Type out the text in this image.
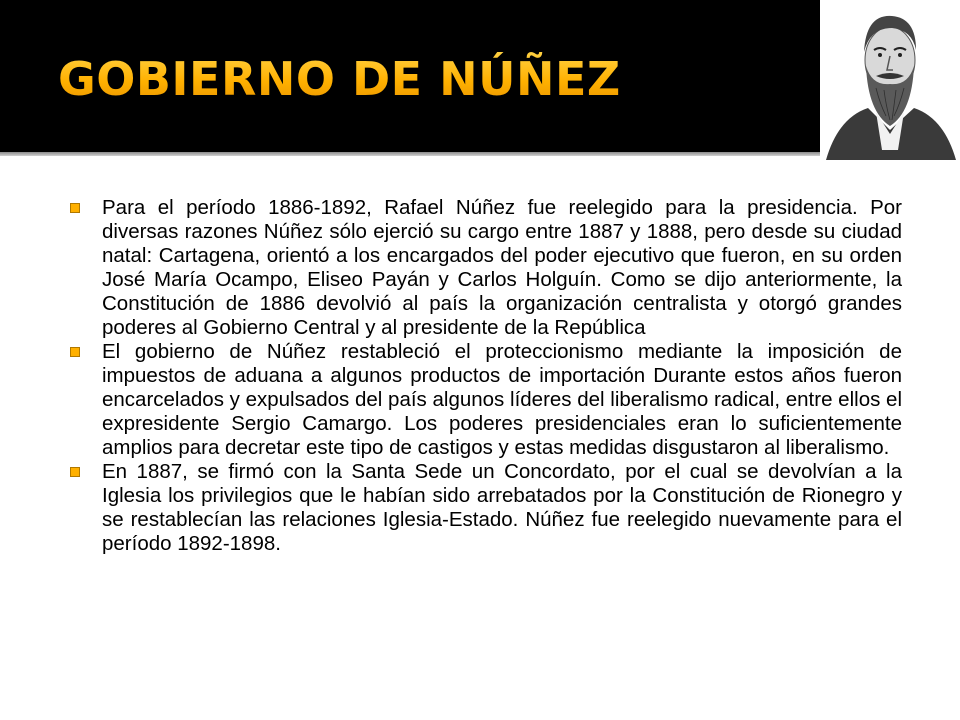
GOBIERNO DE NÚÑEZ
Para el período 1886-1892, Rafael Núñez fue reelegido para la presidencia. Por diversas razones Núñez sólo ejerció su cargo entre 1887 y 1888, pero desde su ciudad natal: Cartagena, orientó a los encargados del poder ejecutivo que fueron, en su orden José María Ocampo, Eliseo Payán y Carlos Holguín. Como se dijo anteriormente, la Constitución de 1886 devolvió al país la organización centralista y otorgó grandes poderes al Gobierno Central y al presidente de la República
El gobierno de Núñez restableció el proteccionismo mediante la imposición de impuestos de aduana a algunos productos de importación Durante estos años fueron encarcelados y expulsados del país algunos líderes del liberalismo radical, entre ellos el expresidente Sergio Camargo. Los poderes presidenciales eran lo suficientemente amplios para decretar este tipo de castigos y estas medidas disgustaron al liberalismo.
En 1887, se firmó con la Santa Sede un Concordato, por el cual se devolvían a la Iglesia los privilegios que le habían sido arrebatados por la Constitución de Rionegro y se restablecían las relaciones Iglesia-Estado. Núñez fue reelegido nuevamente para el período 1892-1898.
